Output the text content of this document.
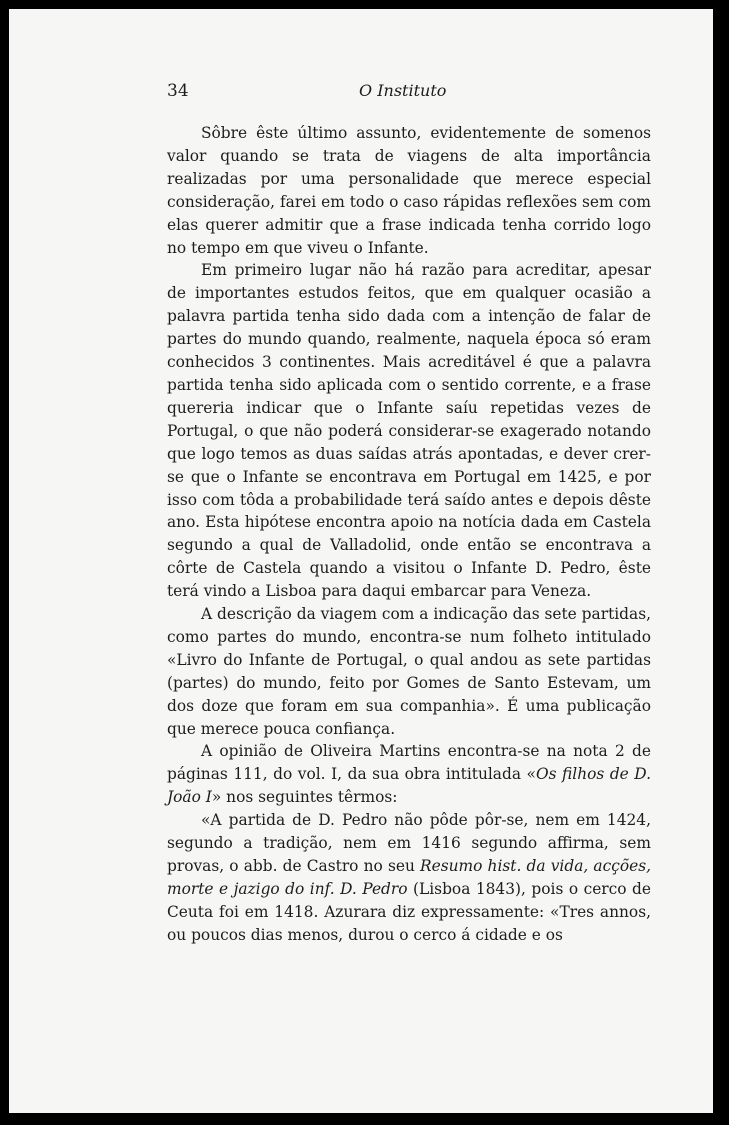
34	O Instituto

Sôbre êste último assunto, evidentemente de somenos valor quando se trata de viagens de alta importância realizadas por uma personalidade que merece especial consideração, farei em todo o caso rápidas reflexões sem com elas querer admitir que a frase indicada tenha corrido logo no tempo em que viveu o Infante.

Em primeiro lugar não há razão para acreditar, apesar de importantes estudos feitos, que em qualquer ocasião a palavra partida tenha sido dada com a intenção de falar de partes do mundo quando, realmente, naquela época só eram conhecidos 3 continentes. Mais acreditável é que a palavra partida tenha sido aplicada com o sentido corrente, e a frase quereria indicar que o Infante saíu repetidas vezes de Portugal, o que não poderá considerar-se exagerado notando que logo temos as duas saídas atrás apontadas, e dever crer-se que o Infante se encontrava em Portugal em 1425, e por isso com tôda a probabilidade terá saído antes e depois dêste ano. Esta hipótese encontra apoio na notícia dada em Castela segundo a qual de Valladolid, onde então se encontrava a côrte de Castela quando a visitou o Infante D. Pedro, êste terá vindo a Lisboa para daqui embarcar para Veneza.

A descrição da viagem com a indicação das sete partidas, como partes do mundo, encontra-se num folheto intitulado «Livro do Infante de Portugal, o qual andou as sete partidas (partes) do mundo, feito por Gomes de Santo Estevam, um dos doze que foram em sua companhia». É uma publicação que merece pouca confiança.

A opinião de Oliveira Martins encontra-se na nota 2 de páginas 111, do vol. I, da sua obra intitulada «Os filhos de D. João I» nos seguintes têrmos:

«A partida de D. Pedro não pôde pôr-se, nem em 1424, segundo a tradição, nem em 1416 segundo affirma, sem provas, o abb. de Castro no seu Resumo hist. da vida, acções, morte e jazigo do inf. D. Pedro (Lisboa 1843), pois o cerco de Ceuta foi em 1418. Azurara diz expressamente: «Tres annos, ou poucos dias menos, durou o cerco á cidade e os
